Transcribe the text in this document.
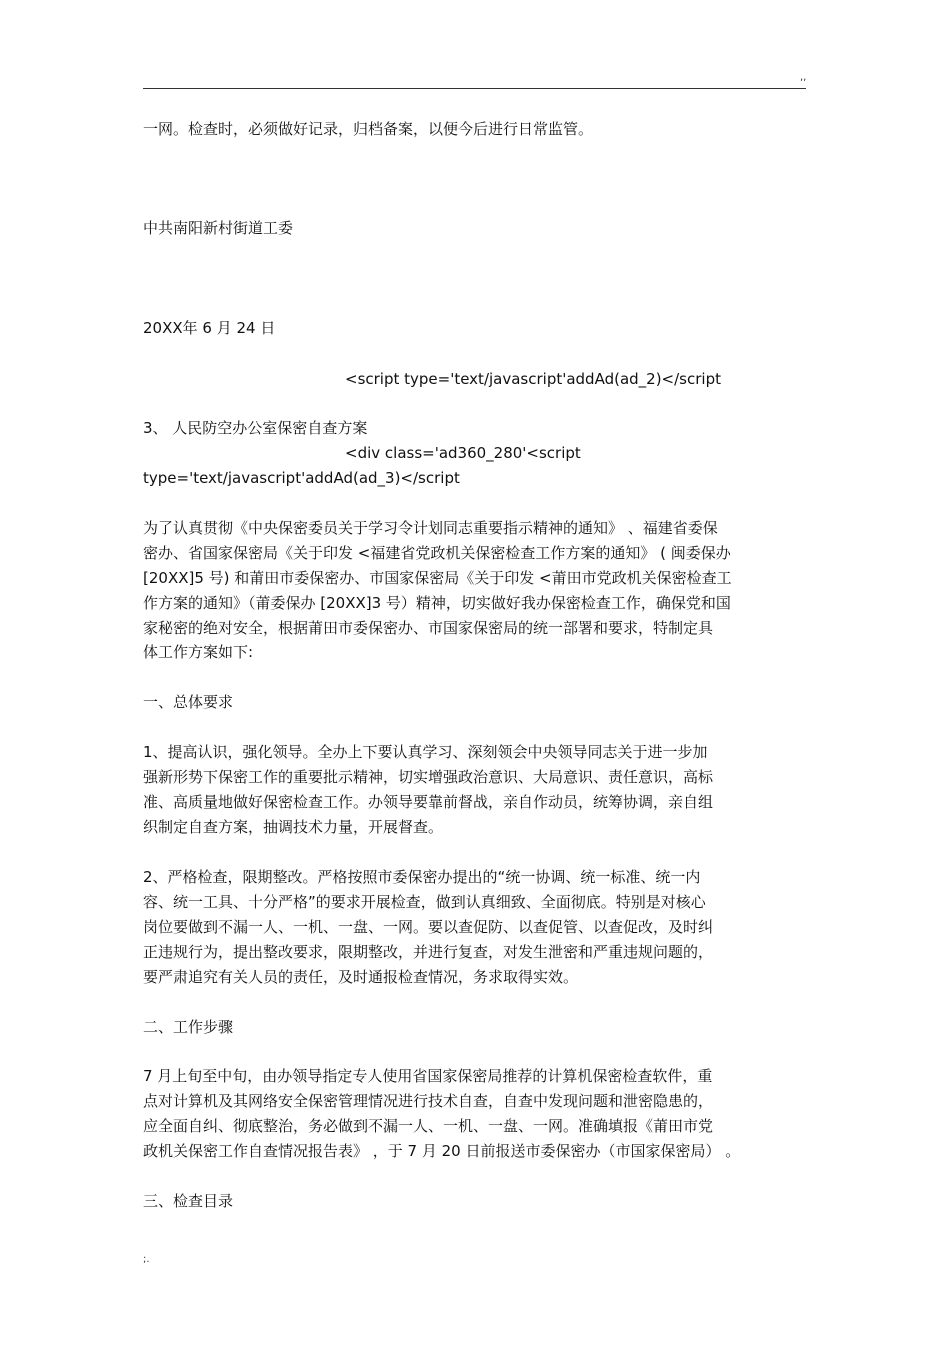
,,
一网。检查时，必须做好记录，归档备案，以便今后进行日常监管。
中共南阳新村街道工委
20XX年 6 月 24 日
<script type='text/javascript'addAd(ad_2)</script
3、 人民防空办公室保密自查方案
<div class='ad360_280'<script
type='text/javascript'addAd(ad_3)</script
为了认真贯彻《中央保密委员关于学习令计划同志重要指示精神的通知》 、福建省委保
密办、省国家保密局《关于印发 <福建省党政机关保密检查工作方案的通知》 ( 闽委保办
[20XX]5 号) 和莆田市委保密办、市国家保密局《关于印发 <莆田市党政机关保密检查工
作方案的通知》（莆委保办 [20XX]3 号）精神，切实做好我办保密检查工作，确保党和国
家秘密的绝对安全，根据莆田市委保密办、市国家保密局的统一部署和要求，特制定具
体工作方案如下:
一、总体要求
1、提高认识，强化领导。全办上下要认真学习、深刻领会中央领导同志关于进一步加
强新形势下保密工作的重要批示精神，切实增强政治意识、大局意识、责任意识，高标
准、高质量地做好保密检查工作。办领导要靠前督战，亲自作动员，统筹协调，亲自组
织制定自查方案，抽调技术力量，开展督查。
2、严格检查，限期整改。严格按照市委保密办提出的“统一协调、统一标准、统一内
容、统一工具、十分严格”的要求开展检查，做到认真细致、全面彻底。特别是对核心
岗位要做到不漏一人、一机、一盘、一网。要以查促防、以查促管、以查促改，及时纠
正违规行为，提出整改要求，限期整改，并进行复查，对发生泄密和严重违规问题的，
要严肃追究有关人员的责任，及时通报检查情况，务求取得实效。
二、工作步骤
7 月上旬至中旬，由办领导指定专人使用省国家保密局推荐的计算机保密检查软件，重
点对计算机及其网络安全保密管理情况进行技术自查，自查中发现问题和泄密隐患的，
应全面自纠、彻底整治，务必做到不漏一人、一机、一盘、一网。准确填报《莆田市党
政机关保密工作自查情况报告表》 ，于 7 月 20 日前报送市委保密办（市国家保密局） 。
三、检查目录
;.
